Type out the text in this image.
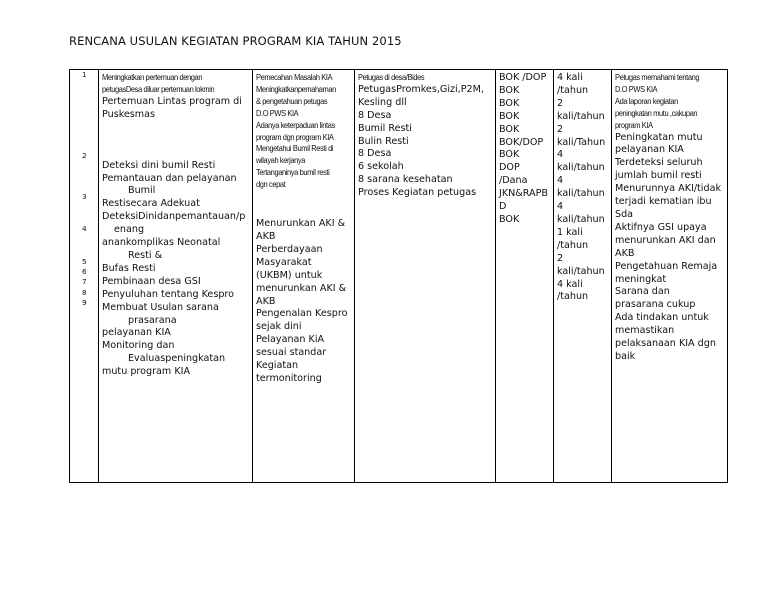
RENCANA USULAN KEGIATAN PROGRAM KIA TAHUN 2015
1
2
3
4
5
6
7
8
9
Meningkatkan pertemuan dengan
petugasDesa diluar pertemuan lokmin
Pertemuan Lintas program di
Puskesmas
Deteksi dini bumil Resti
Pemantauan dan pelayanan
Bumil
Restisecara Adekuat
DeteksiDinidanpemantauan/p
enang
anankomplikas Neonatal
Resti &
Bufas Resti
Pembinaan desa GSI
Penyuluhan tentang Kespro
Membuat Usulan sarana
prasarana
pelayanan KIA
Monitoring dan
Evaluaspeningkatan
mutu program KIA
Pemecahan Masalah KIA
Meningkatkanpemahaman
& pengetahuan petugas
D.O PWS KIA
Adanya keterpaduan lintas
program dgn program KIA
Mengetahui Bumil Resti di
wilayah kerjanya
Tertanganinya bumil resti
dgn cepat
Menurunkan AKI &
AKB
Perberdayaan
Masyarakat
(UKBM) untuk
menurunkan AKI &
AKB
Pengenalan Kespro
sejak dini
Pelayanan KiA
sesuai standar
Kegiatan
termonitoring
Petugas di desa/Bides
PetugasPromkes,Gizi,P2M,
Kesling dll
8 Desa
Bumil Resti
Bulin Resti
8 Desa
6 sekolah
8 sarana kesehatan
Proses Kegiatan petugas
BOK /DOP
BOK
BOK
BOK
BOK
BOK/DOP
BOK
DOP
/Dana
JKN&RAPB
D
BOK
4 kali
/tahun
2
kali/tahun
2
kali/Tahun
4
kali/tahun
4
kali/tahun
4
kali/tahun
1 kali
/tahun
2
kali/tahun
4 kali
/tahun
Petugas memahami tentang
D.O PWS KIA
Ada laporan kegiatan
peningkatan mutu ,cakupan
program KIA
Peningkatan mutu
pelayanan KIA
Terdeteksi seluruh
jumlah bumil resti
Menurunnya AKI/tidak
terjadi kematian ibu
Sda
Aktifnya GSI upaya
menurunkan AKI dan
AKB
Pengetahuan Remaja
meningkat
Sarana dan
prasarana cukup
Ada tindakan untuk
memastikan
pelaksanaan KIA dgn
baik
